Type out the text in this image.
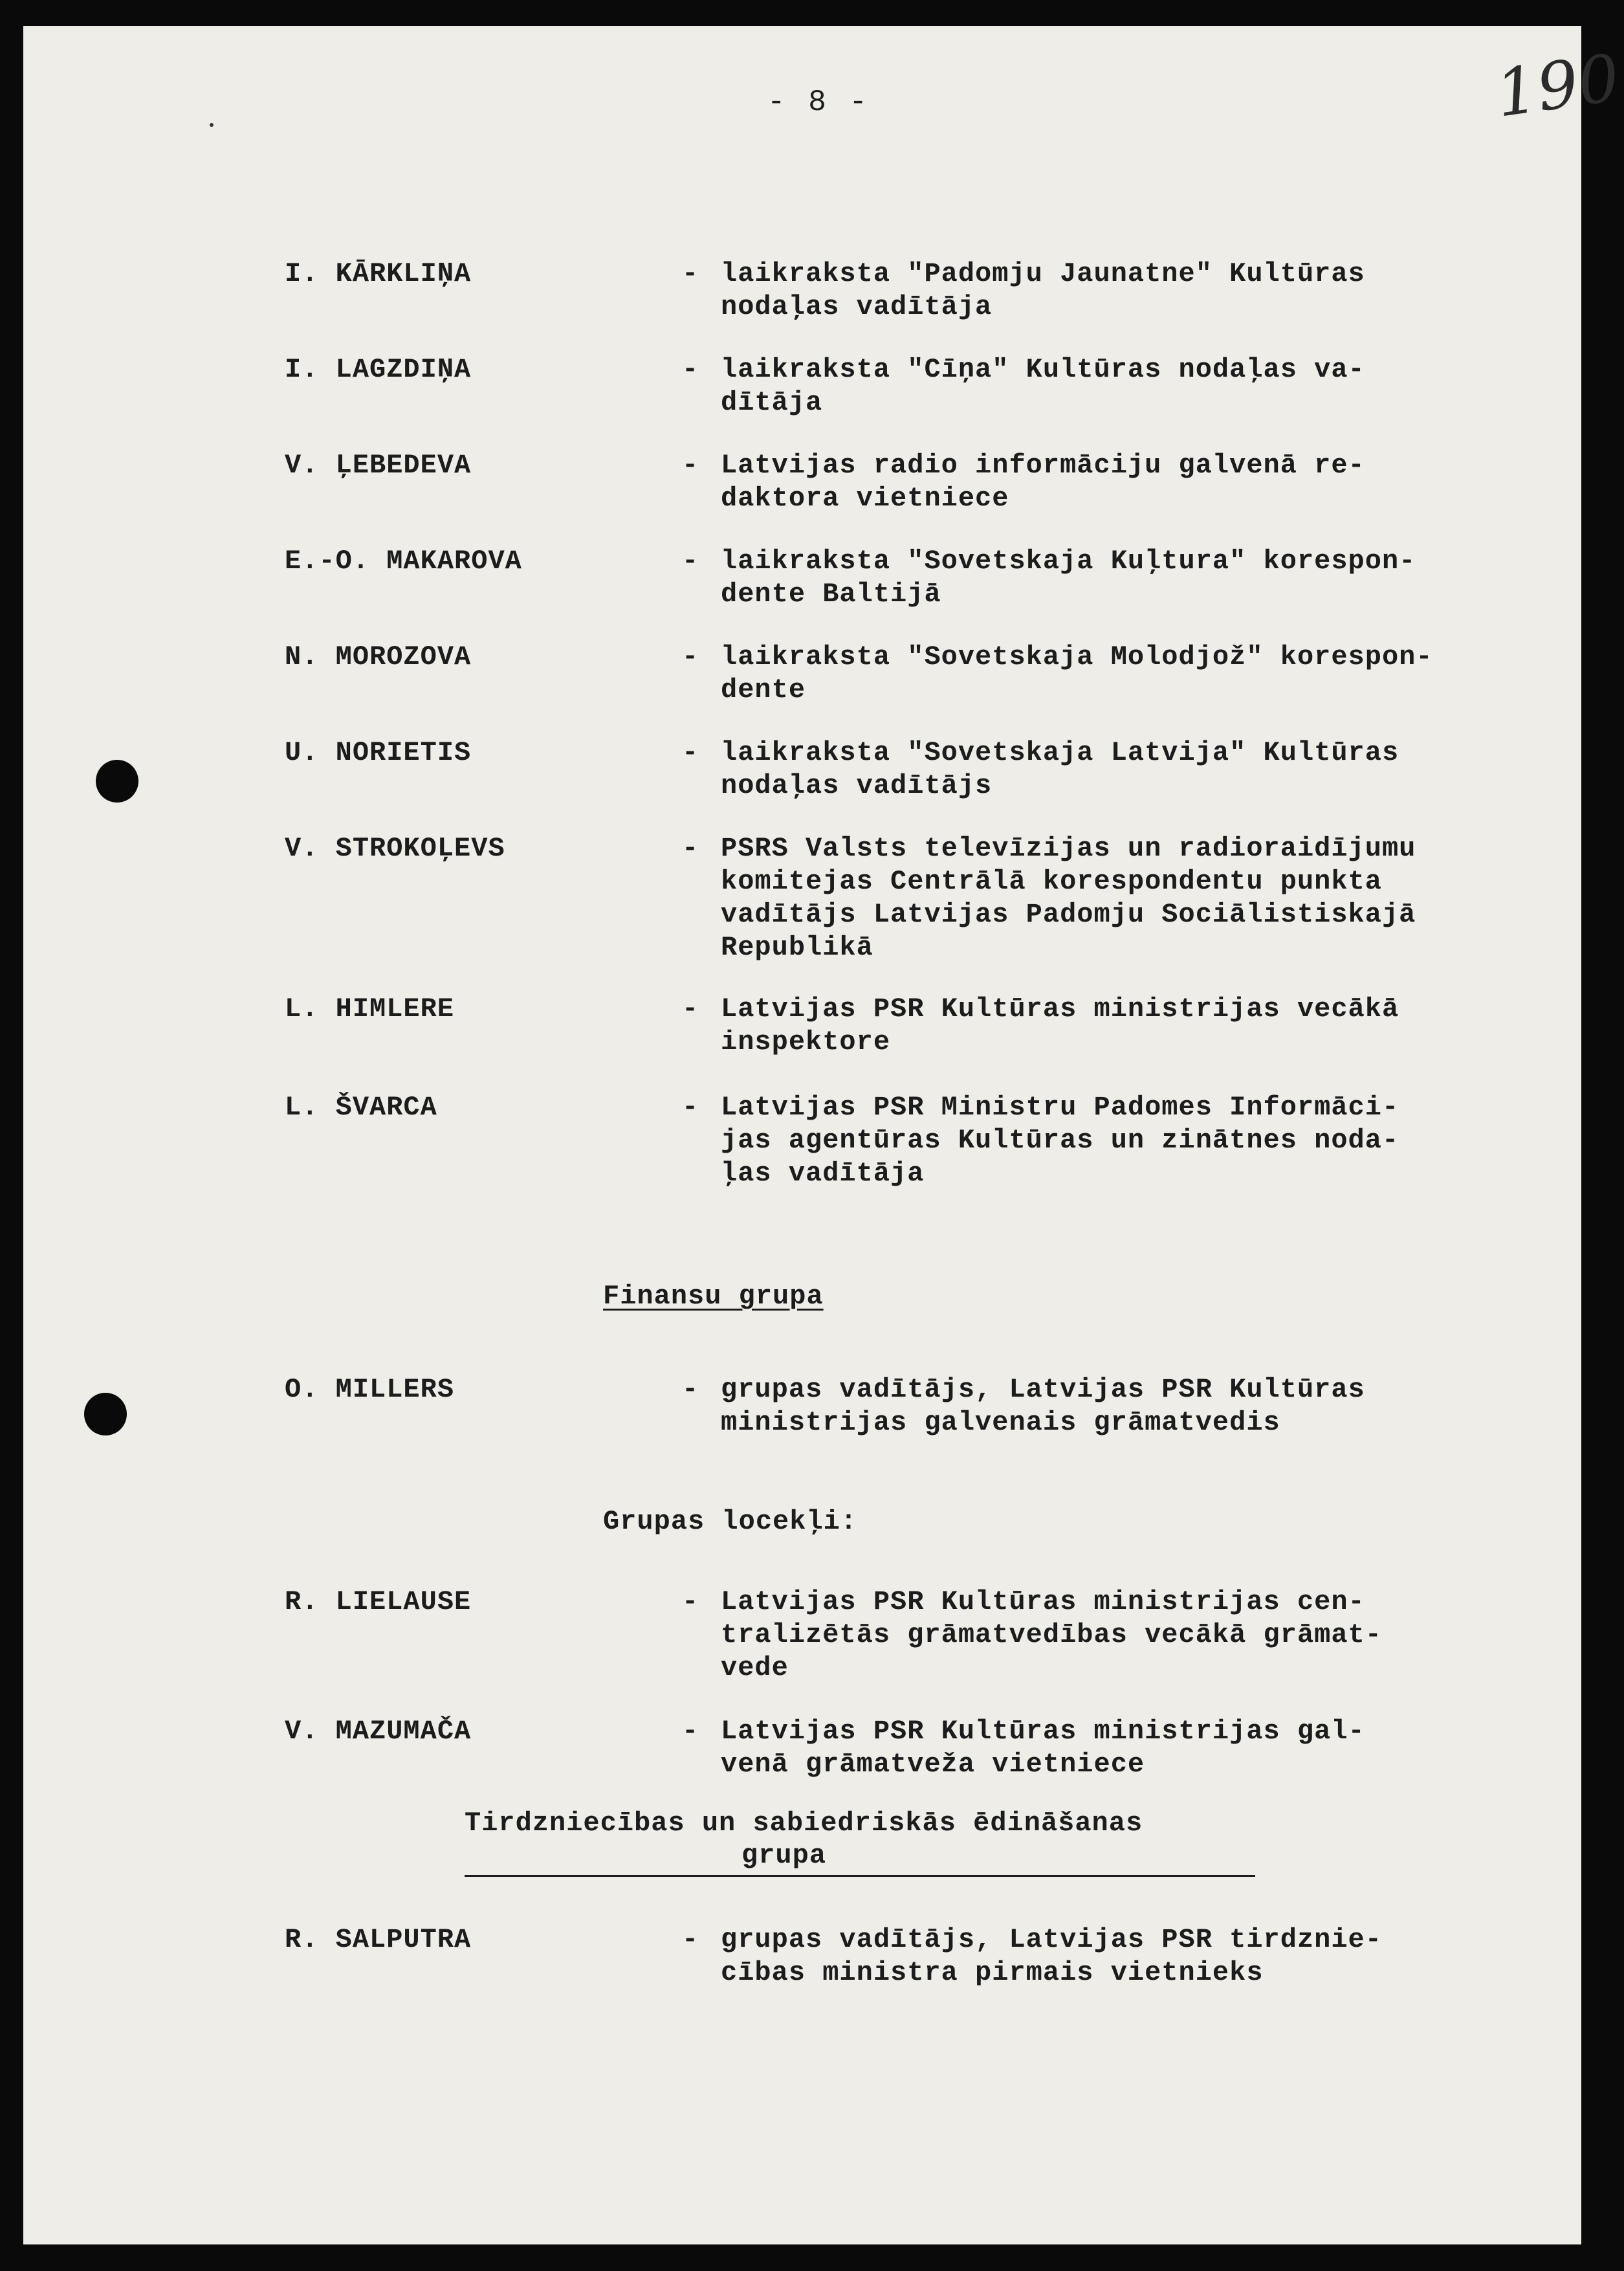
- 8 -	190
I. KĀRKLIŅA	- laikraksta "Padomju Jaunatne" Kultūras
nodaļas vadītāja
I. LAGZDIŅA	- laikraksta "Cīņa" Kultūras nodaļas va-
dītāja
V. ĻEBEDEVA	- Latvijas radio informāciju galvenā re-
daktora vietniece
E.-O. MAKAROVA	- laikraksta "Sovetskaja Kuļtura" korespon-
dente Baltijā
N. MOROZOVA	- laikraksta "Sovetskaja Molodjož" korespon-
dente
U. NORIETIS	- laikraksta "Sovetskaja Latvija" Kultūras
nodaļas vadītājs
V. STROKOĻEVS	- PSRS Valsts televīzijas un radioraidījumu
komitejas Centrālā korespondentu punkta
vadītājs Latvijas Padomju Sociālistiskajā
Republikā
L. HIMLERE	- Latvijas PSR Kultūras ministrijas vecākā
inspektore
L. ŠVARCA	- Latvijas PSR Ministru Padomes Informāci-
jas agentūras Kultūras un zinātnes noda-
ļas vadītāja
Finansu grupa
O. MILLERS	- grupas vadītājs, Latvijas PSR Kultūras
ministrijas galvenais grāmatvedis
Grupas locekļi:
R. LIELAUSE	- Latvijas PSR Kultūras ministrijas cen-
tralizētās grāmatvedības vecākā grāmat-
vede
V. MAZUMAČA	- Latvijas PSR Kultūras ministrijas gal-
venā grāmatveža vietniece
Tirdzniecības un sabiedriskās ēdināšanas
grupa
R. SALPUTRA	- grupas vadītājs, Latvijas PSR tirdznie-
cības ministra pirmais vietnieks
